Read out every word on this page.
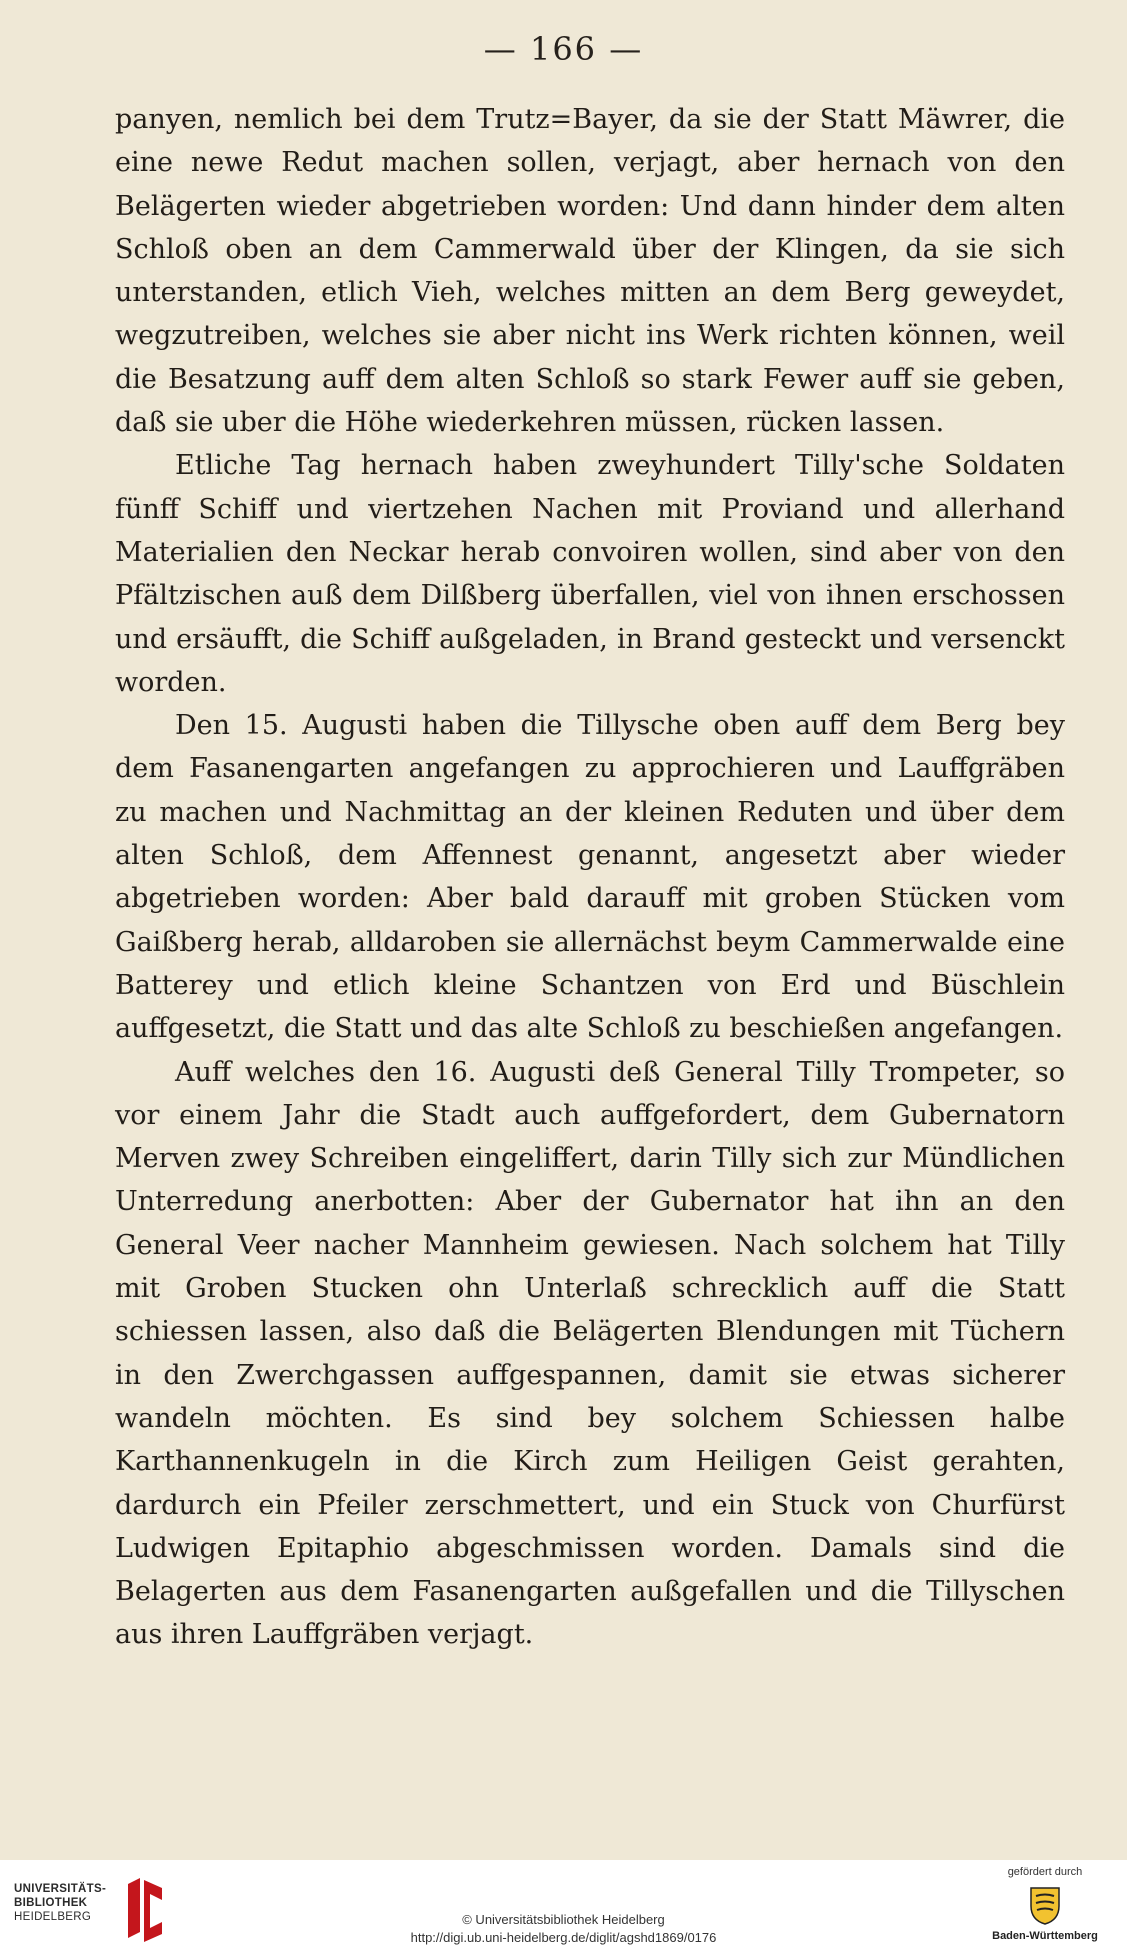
— 166 —

panyen, nemlich bei dem Trutz=Bayer, da sie der Statt Mäwrer, die eine newe Redut machen sollen, verjagt, aber hernach von den Belägerten wieder abgetrieben worden: Und dann hinder dem alten Schloß oben an dem Cammerwald über der Klingen, da sie sich unterstanden, etlich Vieh, welches mitten an dem Berg geweydet, wegzutreiben, welches sie aber nicht ins Werk richten können, weil die Besatzung auff dem alten Schloß so stark Fewer auff sie geben, daß sie uber die Höhe wiederkehren müssen, rücken lassen.

Etliche Tag hernach haben zweyhundert Tilly'sche Soldaten fünff Schiff und viertzehen Nachen mit Proviand und allerhand Materialien den Neckar herab convoiren wollen, sind aber von den Pfältzischen auß dem Dilßberg überfallen, viel von ihnen erschossen und ersäufft, die Schiff außgeladen, in Brand gesteckt und versenckt worden.

Den 15. Augusti haben die Tillysche oben auff dem Berg bey dem Fasanengarten angefangen zu approchieren und Lauffgräben zu machen und Nachmittag an der kleinen Reduten und über dem alten Schloß, dem Affennest genannt, angesetzt aber wieder abgetrieben worden: Aber bald darauff mit groben Stücken vom Gaißberg herab, alldaroben sie allernächst beym Cammerwalde eine Batterey und etlich kleine Schantzen von Erd und Büschlein auffgesetzt, die Statt und das alte Schloß zu beschießen angefangen.

Auff welches den 16. Augusti deß General Tilly Trompeter, so vor einem Jahr die Stadt auch auffgefordert, dem Gubernatorn Merven zwey Schreiben eingeliffert, darin Tilly sich zur Mündlichen Unterredung anerbotten: Aber der Gubernator hat ihn an den General Veer nacher Mannheim gewiesen. Nach solchem hat Tilly mit Groben Stucken ohn Unterlaß schrecklich auff die Statt schiessen lassen, also daß die Belägerten Blendungen mit Tüchern in den Zwerchgassen auffgespannen, damit sie etwas sicherer wandeln möchten. Es sind bey solchem Schiessen halbe Karthannenkugeln in die Kirch zum Heiligen Geist gerahten, dardurch ein Pfeiler zerschmettert, und ein Stuck von Churfürst Ludwigen Epitaphio abgeschmissen worden. Damals sind die Belagerten aus dem Fasanengarten außgefallen und die Tillyschen aus ihren Lauffgräben verjagt.

UNIVERSITÄTS-
BIBLIOTHEK
HEIDELBERG	© Universitätsbibliothek Heidelberg
http://digi.ub.uni-heidelberg.de/diglit/agshd1869/0176
gefördert durch
Baden-Württemberg
